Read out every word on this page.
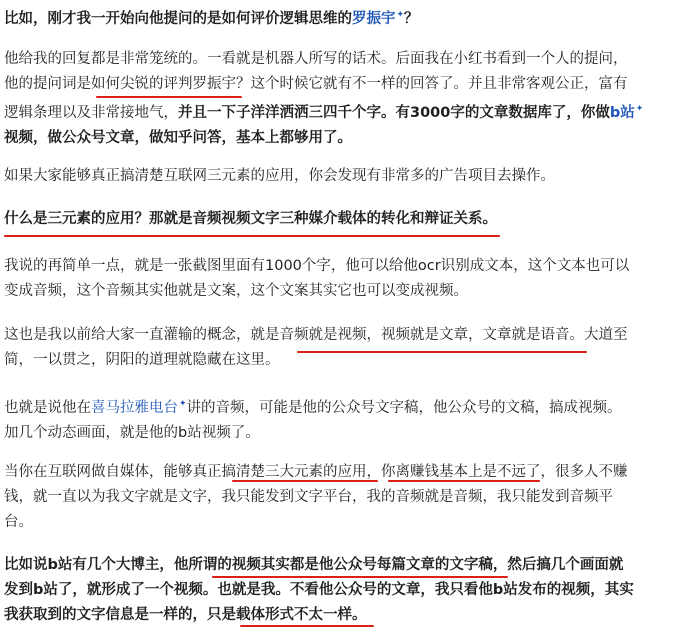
比如，刚才我一开始向他提问的是如何评价逻辑思维的罗振宇✦？
他给我的回复都是非常笼统的。一看就是机器人所写的话术。后面我在小红书看到一个人的提问，
他的提问词是如何尖锐的评判罗振宇？这个时候它就有不一样的回答了。并且非常客观公正，富有
逻辑条理以及非常接地气，并且一下子洋洋洒洒三四千个字。有3000字的文章数据库了，你做b站✦
视频，做公众号文章，做知乎问答，基本上都够用了。
如果大家能够真正搞清楚互联网三元素的应用，你会发现有非常多的广告项目去操作。
什么是三元素的应用？那就是音频视频文字三种媒介载体的转化和辩证关系。
我说的再简单一点，就是一张截图里面有1000个字，他可以给他ocr识别成文本，这个文本也可以
变成音频，这个音频其实他就是文案，这个文案其实它也可以变成视频。
这也是我以前给大家一直灌输的概念，就是音频就是视频，视频就是文章，文章就是语音。大道至
简，一以贯之，阴阳的道理就隐藏在这里。
也就是说他在喜马拉雅电台✦讲的音频，可能是他的公众号文字稿，他公众号的文稿，搞成视频。
加几个动态画面，就是他的b站视频了。
当你在互联网做自媒体，能够真正搞清楚三大元素的应用，你离赚钱基本上是不远了，很多人不赚
钱，就一直以为我文字就是文字，我只能发到文字平台，我的音频就是音频，我只能发到音频平
台。
比如说b站有几个大博主，他所谓的视频其实都是他公众号每篇文章的文字稿，然后搞几个画面就
发到b站了，就形成了一个视频。也就是我。不看他公众号的文章，我只看他b站发布的视频，其实
我获取到的文字信息是一样的，只是载体形式不太一样。
